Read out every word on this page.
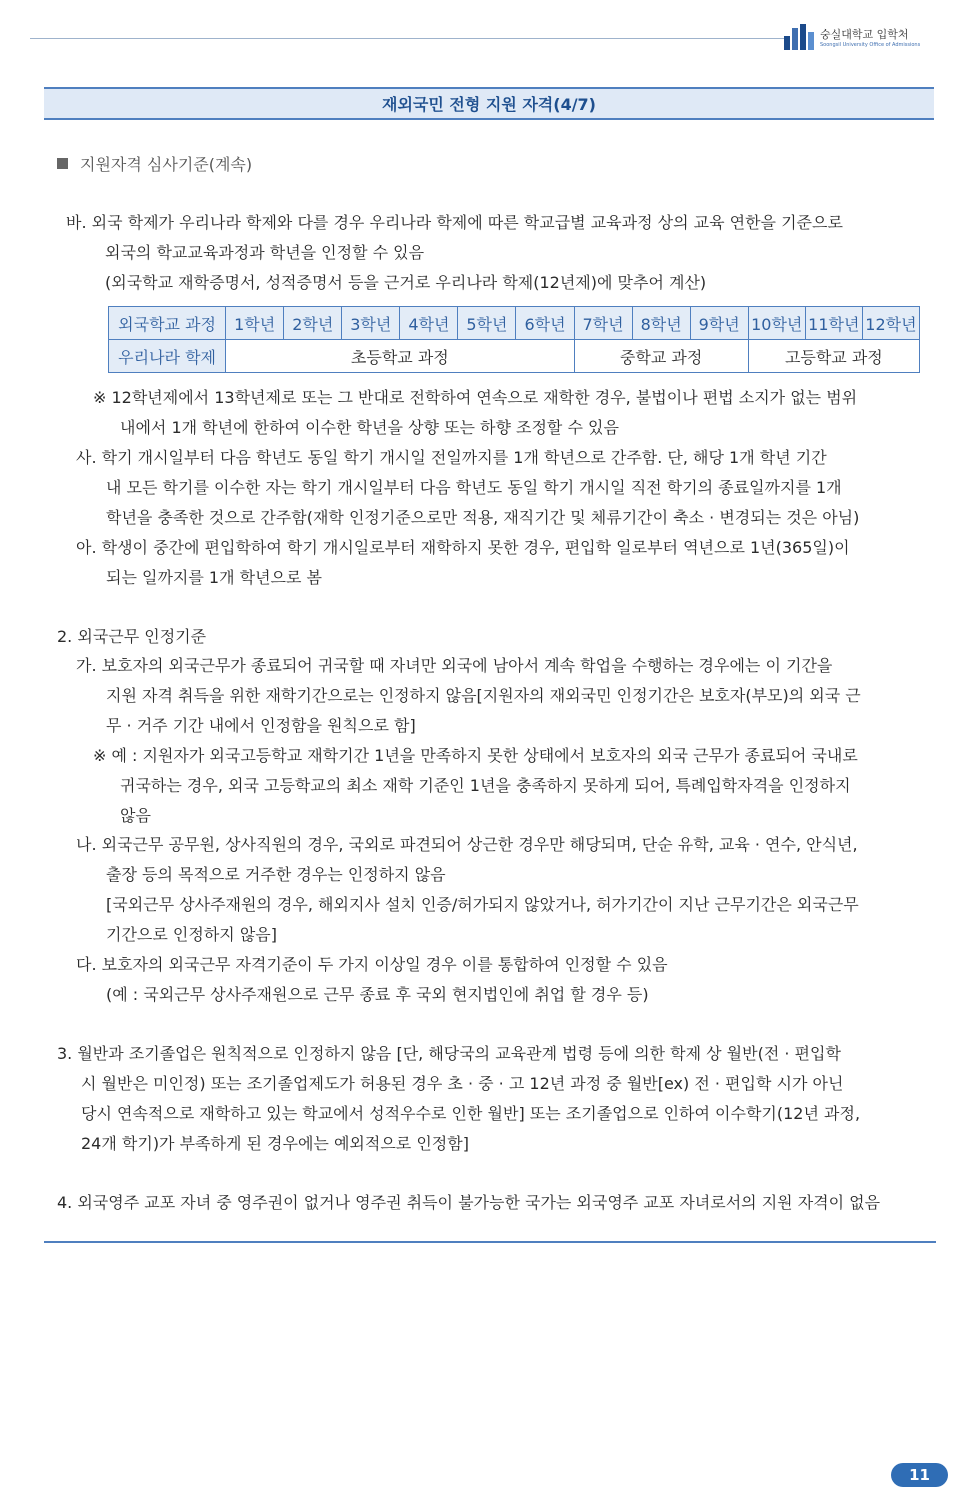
숭실대학교 입학처
Soongsil University Office of Admissions
재외국민 전형 지원 자격(4/7)
지원자격 심사기준(계속)
바. 외국 학제가 우리나라 학제와 다를 경우 우리나라 학제에 따른 학교급별 교육과정 상의 교육 연한을 기준으로
외국의 학교교육과정과 학년을 인정할 수 있음
(외국학교 재학증명서, 성적증명서 등을 근거로 우리나라 학제(12년제)에 맞추어 계산)
외국학교 과정	1학년	2학년	3학년	4학년	5학년	6학년	7학년	8학년	9학년	10학년	11학년	12학년
우리나라 학제	초등학교 과정						중학교 과정			고등학교 과정		
※ 12학년제에서 13학년제로 또는 그 반대로 전학하여 연속으로 재학한 경우, 불법이나 편법 소지가 없는 범위
내에서 1개 학년에 한하여 이수한 학년을 상향 또는 하향 조정할 수 있음
사. 학기 개시일부터 다음 학년도 동일 학기 개시일 전일까지를 1개 학년으로 간주함. 단, 해당 1개 학년 기간
내 모든 학기를 이수한 자는 학기 개시일부터 다음 학년도 동일 학기 개시일 직전 학기의 종료일까지를 1개
학년을 충족한 것으로 간주함(재학 인정기준으로만 적용, 재직기간 및 체류기간이 축소 · 변경되는 것은 아님)
아. 학생이 중간에 편입학하여 학기 개시일로부터 재학하지 못한 경우, 편입학 일로부터 역년으로 1년(365일)이
되는 일까지를 1개 학년으로 봄
2. 외국근무 인정기준
가. 보호자의 외국근무가 종료되어 귀국할 때 자녀만 외국에 남아서 계속 학업을 수행하는 경우에는 이 기간을
지원 자격 취득을 위한 재학기간으로는 인정하지 않음[지원자의 재외국민 인정기간은 보호자(부모)의 외국 근
무 · 거주 기간 내에서 인정함을 원칙으로 함]
※ 예 : 지원자가 외국고등학교 재학기간 1년을 만족하지 못한 상태에서 보호자의 외국 근무가 종료되어 국내로
귀국하는 경우, 외국 고등학교의 최소 재학 기준인 1년을 충족하지 못하게 되어, 특례입학자격을 인정하지
않음
나. 외국근무 공무원, 상사직원의 경우, 국외로 파견되어 상근한 경우만 해당되며, 단순 유학, 교육 · 연수, 안식년,
출장 등의 목적으로 거주한 경우는 인정하지 않음
[국외근무 상사주재원의 경우, 해외지사 설치 인증/허가되지 않았거나, 허가기간이 지난 근무기간은 외국근무
기간으로 인정하지 않음]
다. 보호자의 외국근무 자격기준이 두 가지 이상일 경우 이를 통합하여 인정할 수 있음
(예 : 국외근무 상사주재원으로 근무 종료 후 국외 현지법인에 취업 할 경우 등)
3. 월반과 조기졸업은 원칙적으로 인정하지 않음 [단, 해당국의 교육관계 법령 등에 의한 학제 상 월반(전 · 편입학
시 월반은 미인정) 또는 조기졸업제도가 허용된 경우 초 · 중 · 고 12년 과정 중 월반[ex) 전 · 편입학 시가 아닌
당시 연속적으로 재학하고 있는 학교에서 성적우수로 인한 월반] 또는 조기졸업으로 인하여 이수학기(12년 과정,
24개 학기)가 부족하게 된 경우에는 예외적으로 인정함]
4. 외국영주 교포 자녀 중 영주권이 없거나 영주권 취득이 불가능한 국가는 외국영주 교포 자녀로서의 지원 자격이 없음
11
